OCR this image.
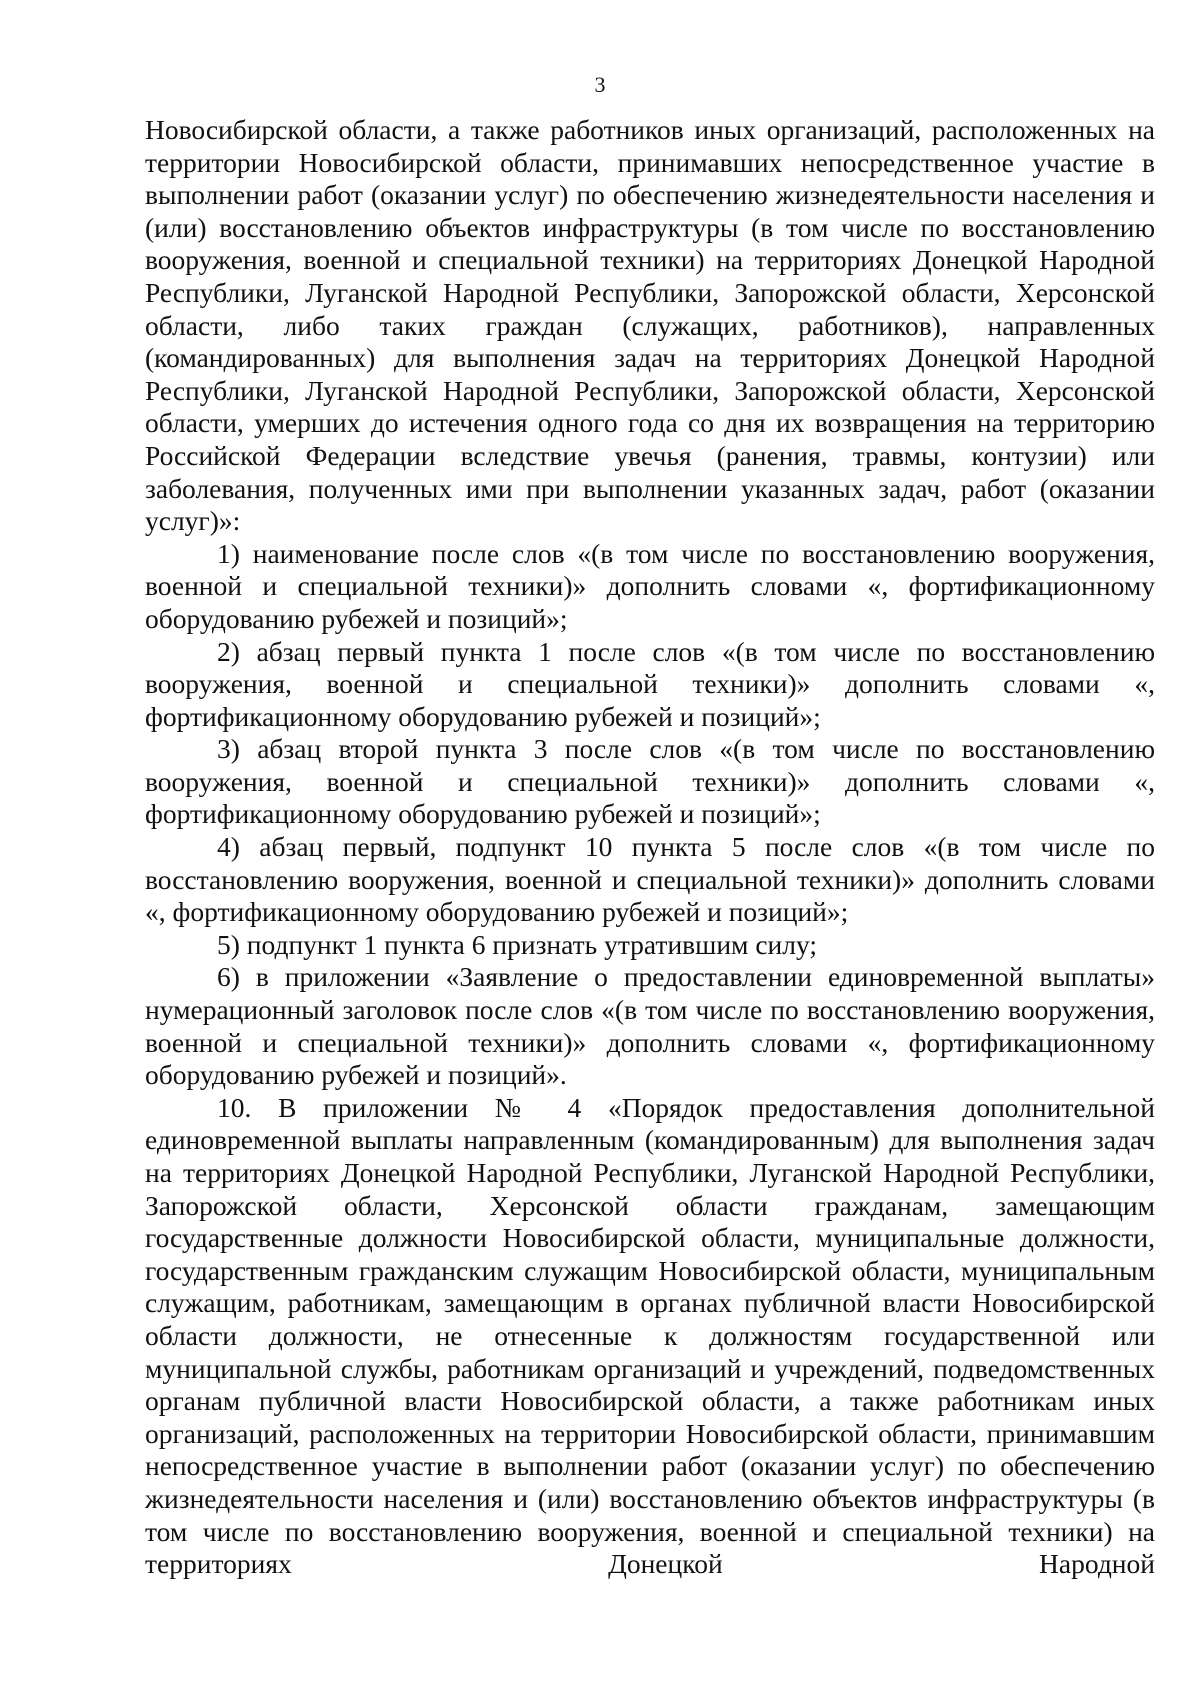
3

Новосибирской области, а также работников иных организаций, расположенных на территории Новосибирской области, принимавших непосредственное участие в выполнении работ (оказании услуг) по обеспечению жизнедеятельности населения и (или) восстановлению объектов инфраструктуры (в том числе по восстановлению вооружения, военной и специальной техники) на территориях Донецкой Народной Республики, Луганской Народной Республики, Запорожской области, Херсонской области, либо таких граждан (служащих, работников), направленных (командированных) для выполнения задач на территориях Донецкой Народной Республики, Луганской Народной Республики, Запорожской области, Херсонской области, умерших до истечения одного года со дня их возвращения на территорию Российской Федерации вследствие увечья (ранения, травмы, контузии) или заболевания, полученных ими при выполнении указанных задач, работ (оказании услуг)»:

1) наименование после слов «(в том числе по восстановлению вооружения, военной и специальной техники)» дополнить словами «, фортификационному оборудованию рубежей и позиций»;

2) абзац первый пункта 1 после слов «(в том числе по восстановлению вооружения, военной и специальной техники)» дополнить словами «, фортификационному оборудованию рубежей и позиций»;

3) абзац второй пункта 3 после слов «(в том числе по восстановлению вооружения, военной и специальной техники)» дополнить словами «, фортификационному оборудованию рубежей и позиций»;

4) абзац первый, подпункт 10 пункта 5 после слов «(в том числе по восстановлению вооружения, военной и специальной техники)» дополнить словами «, фортификационному оборудованию рубежей и позиций»;

5) подпункт 1 пункта 6 признать утратившим силу;

6) в приложении «Заявление о предоставлении единовременной выплаты» нумерационный заголовок после слов «(в том числе по восстановлению вооружения, военной и специальной техники)» дополнить словами «, фортификационному оборудованию рубежей и позиций».

10. В приложении № 4 «Порядок предоставления дополнительной единовременной выплаты направленным (командированным) для выполнения задач на территориях Донецкой Народной Республики, Луганской Народной Республики, Запорожской области, Херсонской области гражданам, замещающим государственные должности Новосибирской области, муниципальные должности, государственным гражданским служащим Новосибирской области, муниципальным служащим, работникам, замещающим в органах публичной власти Новосибирской области должности, не отнесенные к должностям государственной или муниципальной службы, работникам организаций и учреждений, подведомственных органам публичной власти Новосибирской области, а также работникам иных организаций, расположенных на территории Новосибирской области, принимавшим непосредственное участие в выполнении работ (оказании услуг) по обеспечению жизнедеятельности населения и (или) восстановлению объектов инфраструктуры (в том числе по восстановлению вооружения, военной и специальной техники) на территориях Донецкой Народной
